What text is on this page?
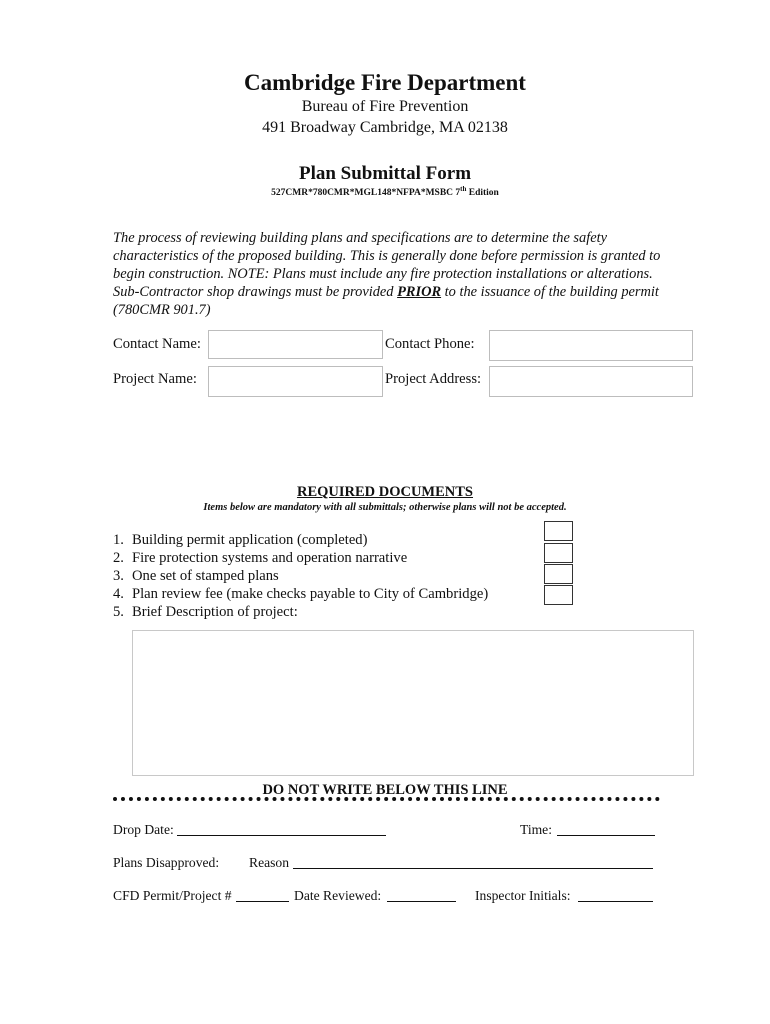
Cambridge Fire Department
Bureau of Fire Prevention
491 Broadway Cambridge, MA 02138
Plan Submittal Form
527CMR*780CMR*MGL148*NFPA*MSBC 7th Edition
The process of reviewing building plans and specifications are to determine the safety characteristics of the proposed building. This is generally done before permission is granted to begin construction. NOTE: Plans must include any fire protection installations or alterations. Sub-Contractor shop drawings must be provided PRIOR to the issuance of the building permit (780CMR 901.7)
Contact Name:	Contact Phone:
Project Name:	Project Address:
REQUIRED DOCUMENTS
Items below are mandatory with all submittals; otherwise plans will not be accepted.
1. Building permit application (completed)
2. Fire protection systems and operation narrative
3. One set of stamped plans
4. Plan review fee (make checks payable to City of Cambridge)
5. Brief Description of project:
DO NOT WRITE BELOW THIS LINE
Drop Date:	Time:
Plans Disapproved: Reason
CFD Permit/Project #	Date Reviewed:	Inspector Initials:
